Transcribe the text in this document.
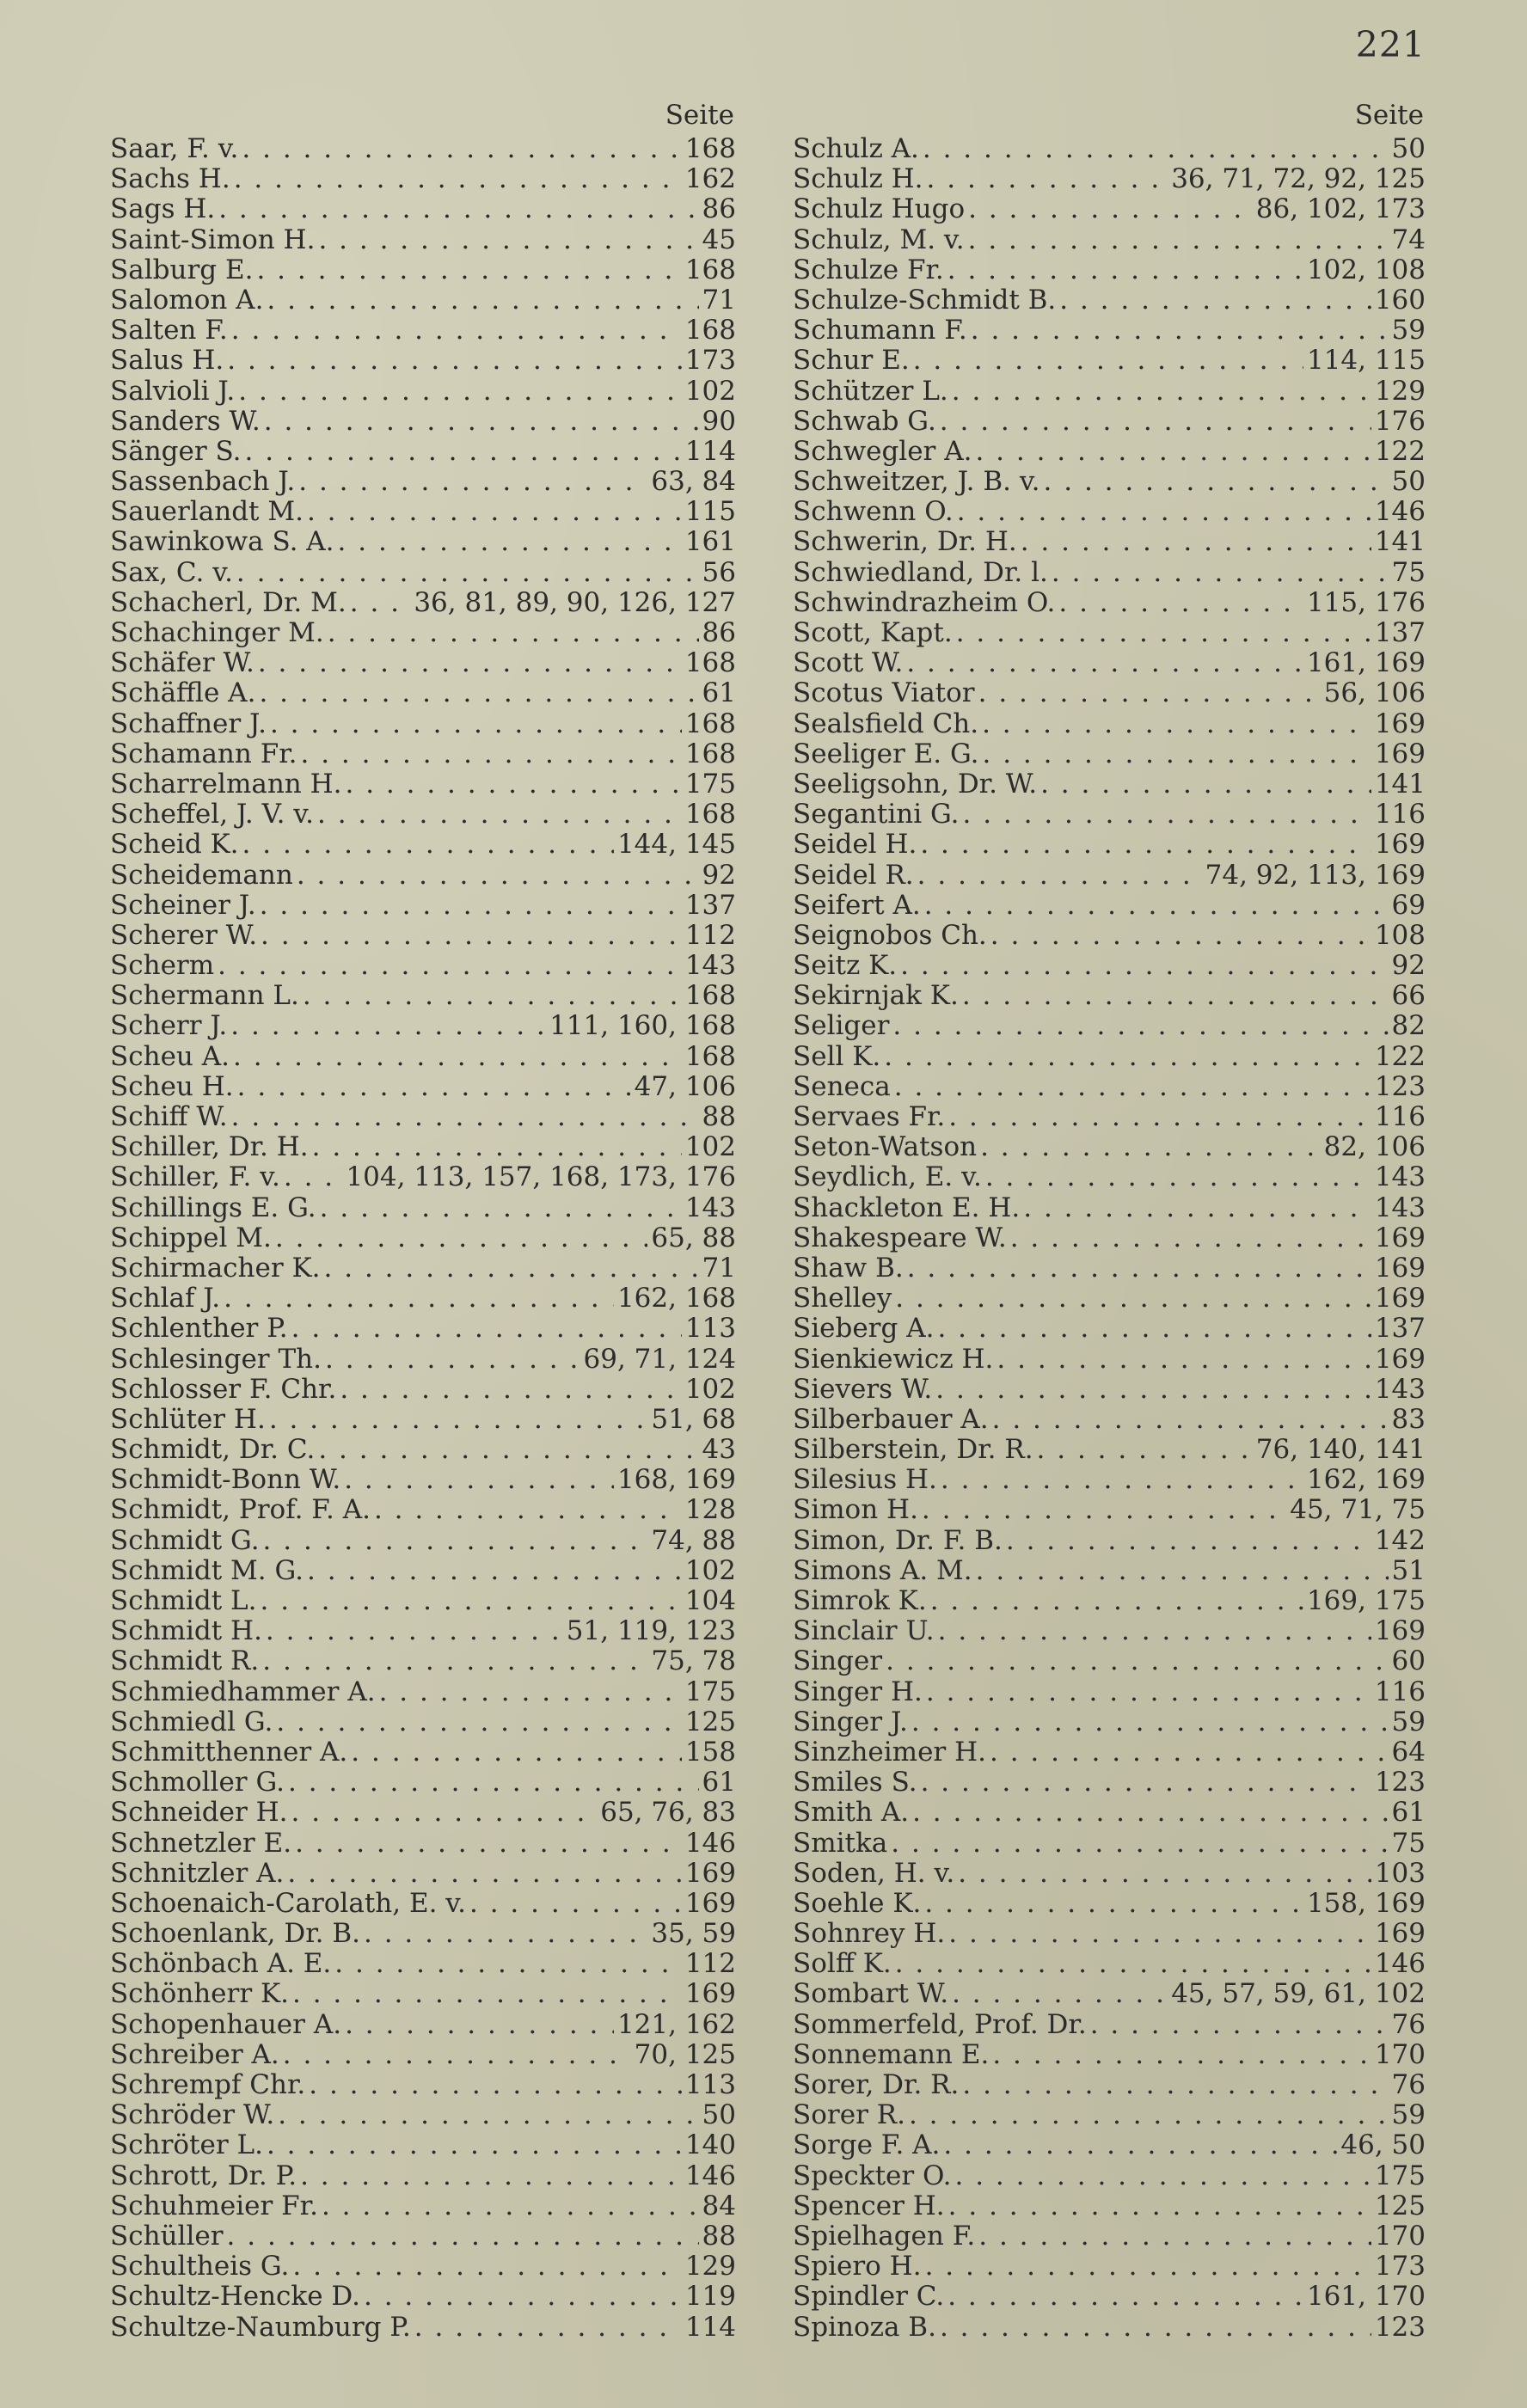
221
Seite
Saar, F. v. . . .	168
Sachs H. . . .	162
Sags H. . . .	86
Saint-Simon H. . . .	45
Salburg E. . . .	168
Salomon A. . . .	71
Salten F. . . .	168
Salus H. . . .	173
Salvioli J. . . .	102
Sanders W. . . .	90
Sänger S. . . .	114
Sassenbach J. . . .	63, 84
Sauerlandt M. . . .	115
Sawinkowa S. A. . . .	161
Sax, C. v. . . .	56
Schacherl, Dr. M. . . .	36, 81, 89, 90, 126, 127
Schachinger M. . . .	86
Schäfer W. . . .	168
Schäffle A. . . .	61
Schaffner J. . . .	168
Schamann Fr. . . .	168
Scharrelmann H. . . .	175
Scheffel, J. V. v. . . .	168
Scheid K. . . .	144, 145
Scheidemann . . .	92
Scheiner J. . . .	137
Scherer W. . . .	112
Scherm . . .	143
Schermann L. . . .	168
Scherr J. . . .	111, 160, 168
Scheu A. . . .	168
Scheu H. . . .	47, 106
Schiff W. . . .	88
Schiller, Dr. H. . . .	102
Schiller, F. v. . . . 104, 113, 157, 168, 173, 176
Schillings E. G. . . .	143
Schippel M. . . .	65, 88
Schirmacher K. . . .	71
Schlaf J. . . .	162, 168
Schlenther P. . . .	113
Schlesinger Th. . . .	69, 71, 124
Schlosser F. Chr. . . .	102
Schlüter H. . . .	51, 68
Schmidt, Dr. C. . . .	43
Schmidt-Bonn W. . . .	168, 169
Schmidt, Prof. F. A. . . .	128
Schmidt G. . . .	74, 88
Schmidt M. G. . . .	102
Schmidt L. . . .	104
Schmidt H. . . .	51, 119, 123
Schmidt R. . . .	75, 78
Schmiedhammer A. . . .	175
Schmiedl G. . . .	125
Schmitthenner A. . . .	158
Schmoller G. . . .	61
Schneider H. . . .	65, 76, 83
Schnetzler E. . . .	146
Schnitzler A. . . .	169
Schoenaich-Carolath, E. v. . . .	169
Schoenlank, Dr. B. . . .	35, 59
Schönbach A. E. . . .	112
Schönherr K. . . .	169
Schopenhauer A. . . .	121, 162
Schreiber A. . . .	70, 125
Schrempf Chr. . . .	113
Schröder W. . . .	50
Schröter L. . . .	140
Schrott, Dr. P. . . .	146
Schuhmeier Fr. . . .	84
Schüller . . .	88
Schultheis G. . . .	129
Schultz-Hencke D. . . .	119
Schultze-Naumburg P. . . .	114
Seite
Schulz A. . . .	50
Schulz H. . . .	36, 71, 72, 92, 125
Schulz Hugo . . .	86, 102, 173
Schulz, M. v. . . .	74
Schulze Fr. . . .	102, 108
Schulze-Schmidt B. . . .	160
Schumann F. . . .	59
Schur E. . . .	114, 115
Schützer L. . . .	129
Schwab G. . . .	176
Schwegler A. . . .	122
Schweitzer, J. B. v. . . .	50
Schwenn O. . . .	146
Schwerin, Dr. H. . . .	141
Schwiedland, Dr. l. . . .	75
Schwindrazheim O. . . .	115, 176
Scott, Kapt. . . .	137
Scott W. . . .	161, 169
Scotus Viator . . .	56, 106
Sealsfield Ch. . . .	169
Seeliger E. G. . . .	169
Seeligsohn, Dr. W. . . .	141
Segantini G. . . .	116
Seidel H. . . .	169
Seidel R. . . .	74, 92, 113, 169
Seifert A. . . .	69
Seignobos Ch. . . .	108
Seitz K. . . .	92
Sekirnjak K. . . .	66
Seliger . . .	82
Sell K. . . .	122
Seneca . . .	123
Servaes Fr. . . .	116
Seton-Watson . . .	82, 106
Seydlich, E. v. . . .	143
Shackleton E. H. . . .	143
Shakespeare W. . . .	169
Shaw B. . . .	169
Shelley . . .	169
Sieberg A. . . .	137
Sienkiewicz H. . . .	169
Sievers W. . . .	143
Silberbauer A. . . .	83
Silberstein, Dr. R. . . .	76, 140, 141
Silesius H. . . .	162, 169
Simon H. . . .	45, 71, 75
Simon, Dr. F. B. . . .	142
Simons A. M. . . .	51
Simrok K. . . .	169, 175
Sinclair U. . . .	169
Singer . . .	60
Singer H. . . .	116
Singer J. . . .	59
Sinzheimer H. . . .	64
Smiles S. . . .	123
Smith A. . . .	61
Smitka . . .	75
Soden, H. v. . . .	103
Soehle K. . . .	158, 169
Sohnrey H. . . .	169
Solff K. . . .	146
Sombart W. . . .	45, 57, 59, 61, 102
Sommerfeld, Prof. Dr. . . .	76
Sonnemann E. . . .	170
Sorer, Dr. R. . . .	76
Sorer R. . . .	59
Sorge F. A. . . .	46, 50
Speckter O. . . .	175
Spencer H. . . .	125
Spielhagen F. . . .	170
Spiero H. . . .	173
Spindler C. . . .	161, 170
Spinoza B. . . .	123
